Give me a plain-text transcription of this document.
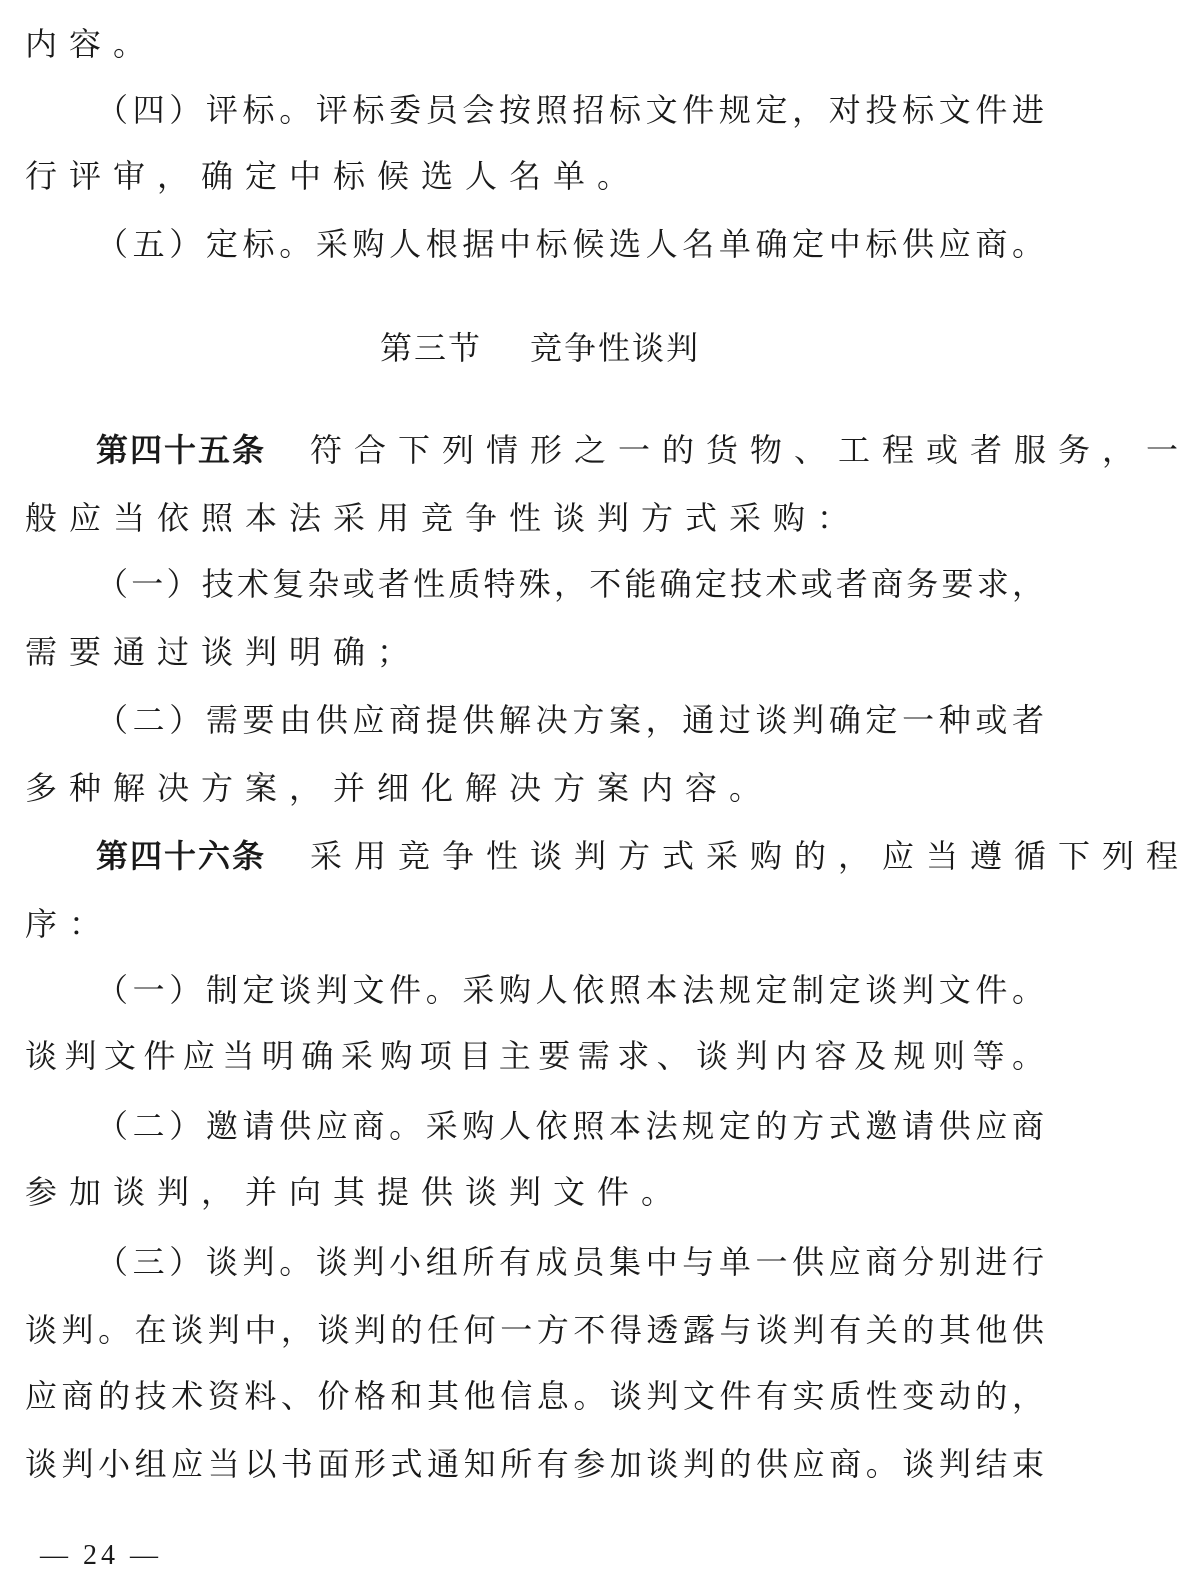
内容。
（四）评标。评标委员会按照招标文件规定，对投标文件进
行评审，确定中标候选人名单。
（五）定标。采购人根据中标候选人名单确定中标供应商。
第三节 竞争性谈判
第四十五条 符合下列情形之一的货物、工程或者服务，一
般应当依照本法采用竞争性谈判方式采购：
（一）技术复杂或者性质特殊，不能确定技术或者商务要求，
需要通过谈判明确；
（二）需要由供应商提供解决方案，通过谈判确定一种或者
多种解决方案，并细化解决方案内容。
第四十六条 采用竞争性谈判方式采购的，应当遵循下列程
序：
（一）制定谈判文件。采购人依照本法规定制定谈判文件。
谈判文件应当明确采购项目主要需求、谈判内容及规则等。
（二）邀请供应商。采购人依照本法规定的方式邀请供应商
参加谈判，并向其提供谈判文件。
（三）谈判。谈判小组所有成员集中与单一供应商分别进行
谈判。在谈判中，谈判的任何一方不得透露与谈判有关的其他供
应商的技术资料、价格和其他信息。谈判文件有实质性变动的，
谈判小组应当以书面形式通知所有参加谈判的供应商。谈判结束
— 24 —
